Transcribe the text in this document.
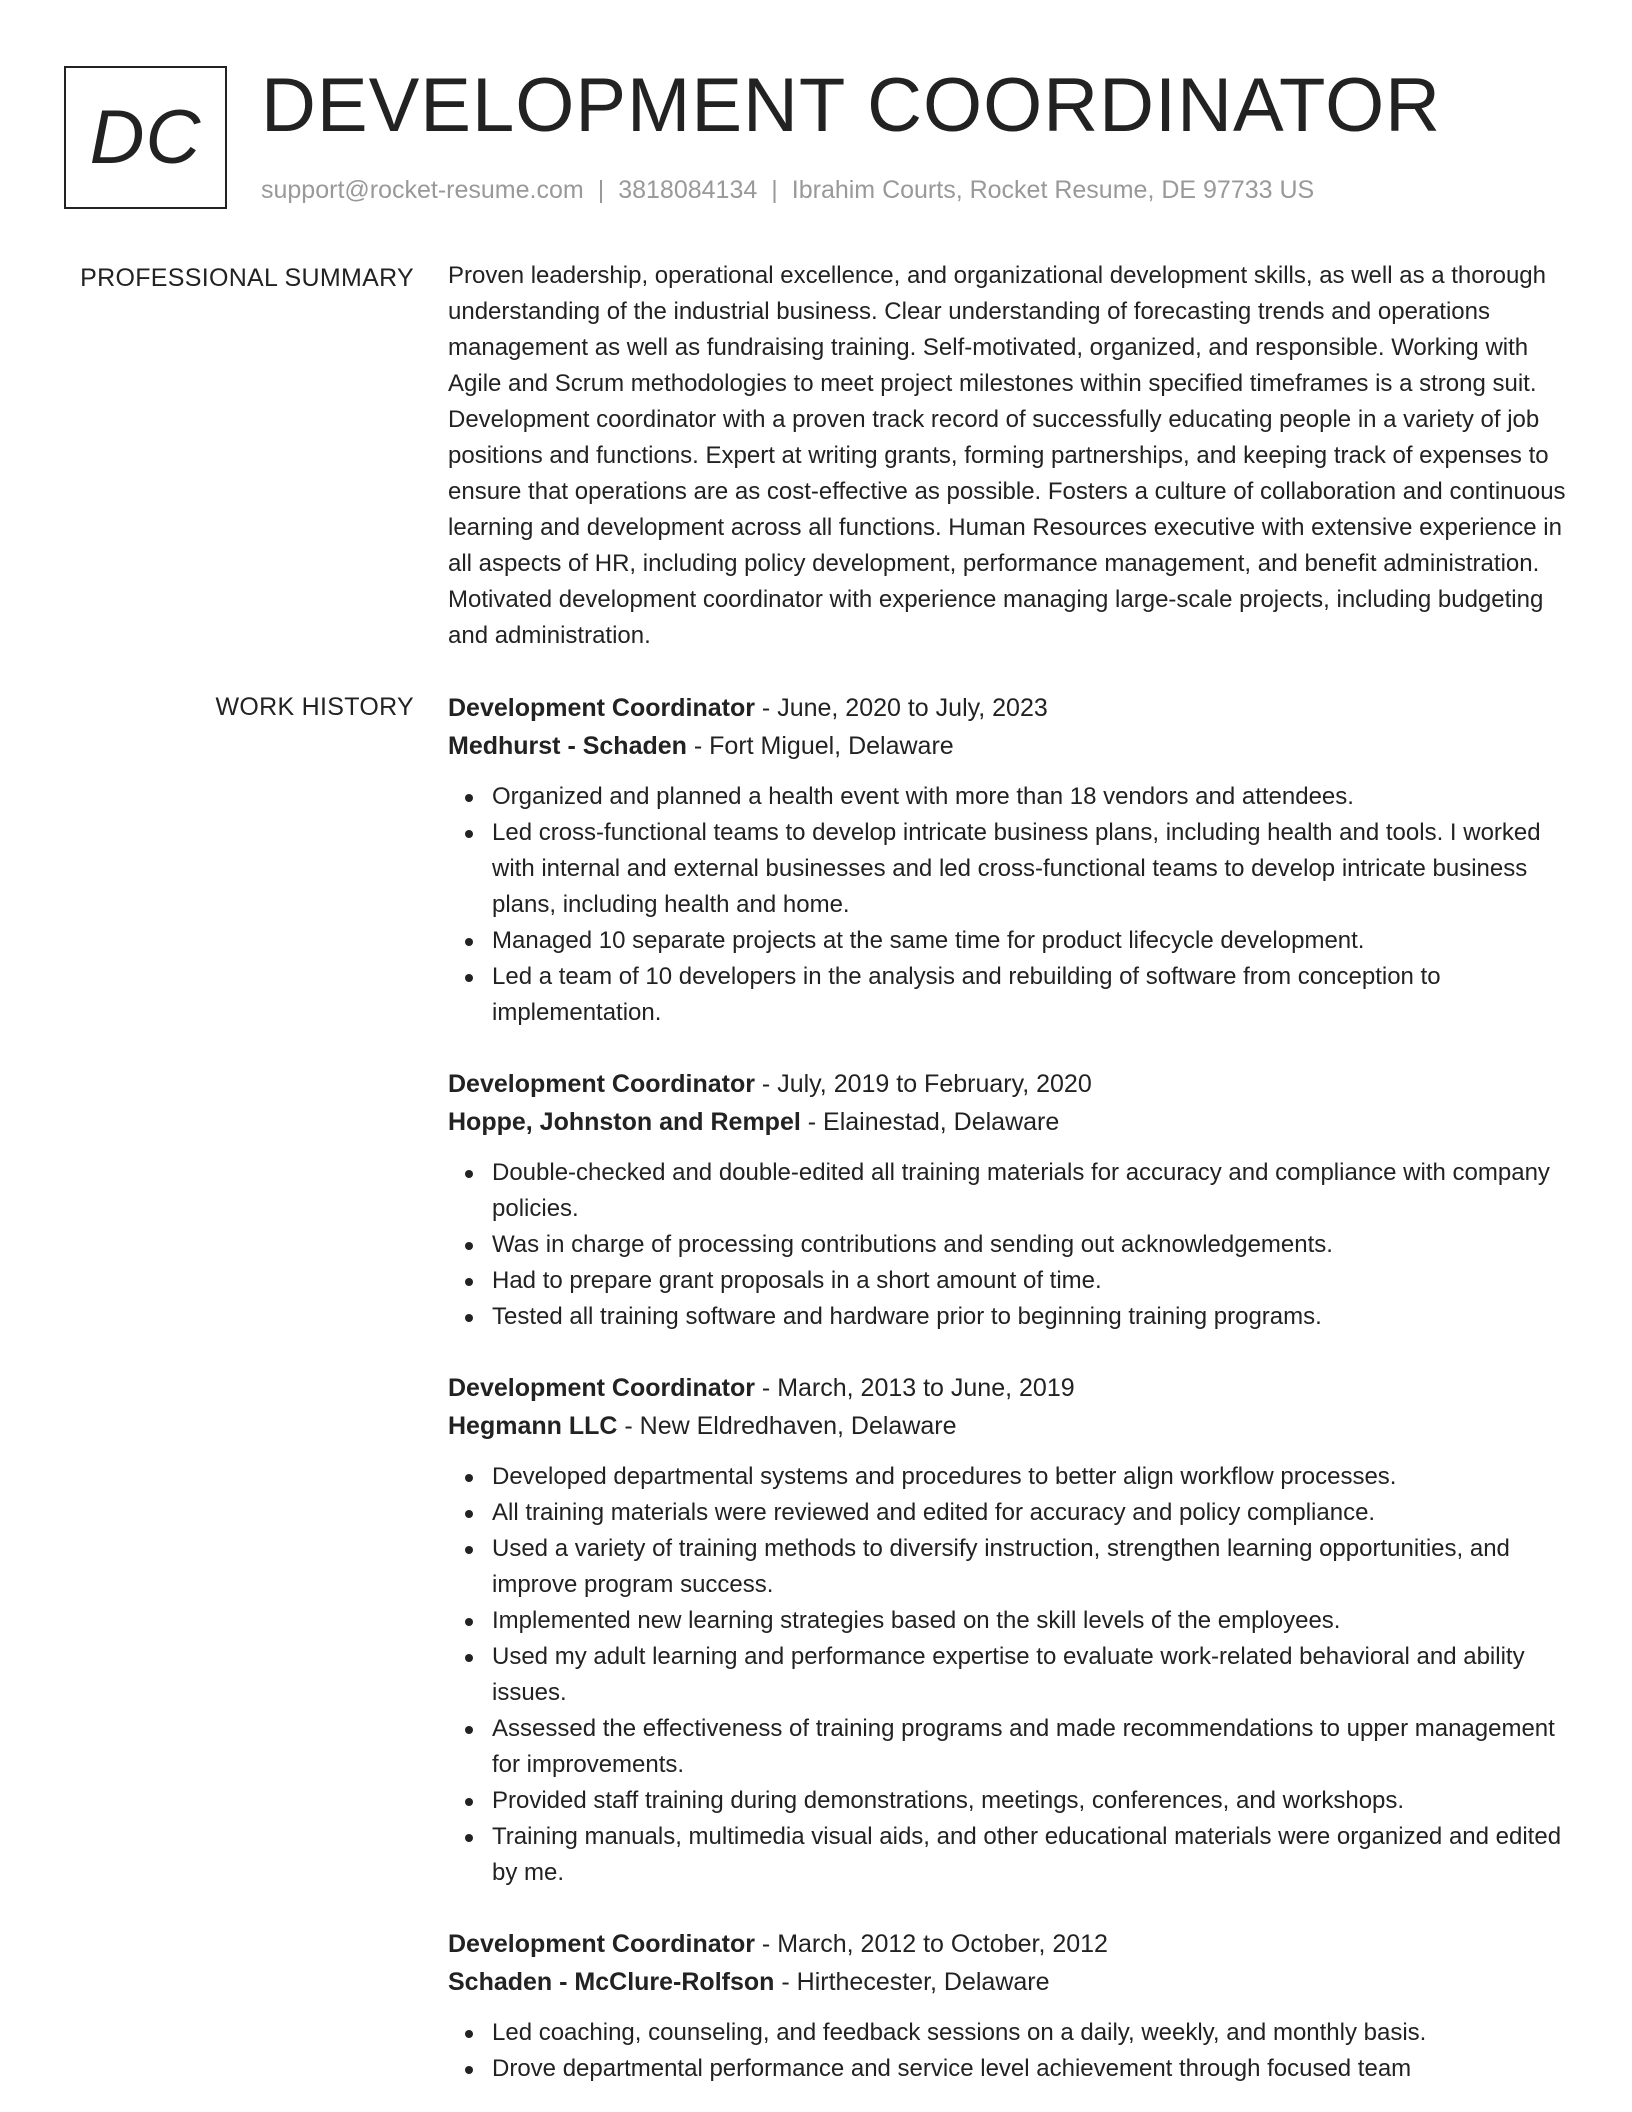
DC DEVELOPMENT COORDINATOR
support@rocket-resume.com | 3818084134 | Ibrahim Courts, Rocket Resume, DE 97733 US
PROFESSIONAL SUMMARY Proven leadership, operational excellence, and organizational development skills, as well as a thorough understanding of the industrial business. Clear understanding of forecasting trends and operations management as well as fundraising training. Self-motivated, organized, and responsible. Working with Agile and Scrum methodologies to meet project milestones within specified timeframes is a strong suit. Development coordinator with a proven track record of successfully educating people in a variety of job positions and functions. Expert at writing grants, forming partnerships, and keeping track of expenses to ensure that operations are as cost-effective as possible. Fosters a culture of collaboration and continuous learning and development across all functions. Human Resources executive with extensive experience in all aspects of HR, including policy development, performance management, and benefit administration. Motivated development coordinator with experience managing large-scale projects, including budgeting and administration.

WORK HISTORY Development Coordinator - June, 2020 to July, 2023
Medhurst - Schaden - Fort Miguel, Delaware
Organized and planned a health event with more than 18 vendors and attendees.
Led cross-functional teams to develop intricate business plans, including health and tools. I worked with internal and external businesses and led cross-functional teams to develop intricate business plans, including health and home.
Managed 10 separate projects at the same time for product lifecycle development.
Led a team of 10 developers in the analysis and rebuilding of software from conception to implementation.
Development Coordinator - July, 2019 to February, 2020
Hoppe, Johnston and Rempel - Elainestad, Delaware
Double-checked and double-edited all training materials for accuracy and compliance with company policies.
Was in charge of processing contributions and sending out acknowledgements.
Had to prepare grant proposals in a short amount of time.
Tested all training software and hardware prior to beginning training programs.
Development Coordinator - March, 2013 to June, 2019
Hegmann LLC - New Eldredhaven, Delaware
Developed departmental systems and procedures to better align workflow processes.
All training materials were reviewed and edited for accuracy and policy compliance.
Used a variety of training methods to diversify instruction, strengthen learning opportunities, and improve program success.
Implemented new learning strategies based on the skill levels of the employees.
Used my adult learning and performance expertise to evaluate work-related behavioral and ability issues.
Assessed the effectiveness of training programs and made recommendations to upper management for improvements.
Provided staff training during demonstrations, meetings, conferences, and workshops.
Training manuals, multimedia visual aids, and other educational materials were organized and edited by me.
Development Coordinator - March, 2012 to October, 2012
Schaden - McClure-Rolfson - Hirthecester, Delaware
Led coaching, counseling, and feedback sessions on a daily, weekly, and monthly basis.
Drove departmental performance and service level achievement through focused team
